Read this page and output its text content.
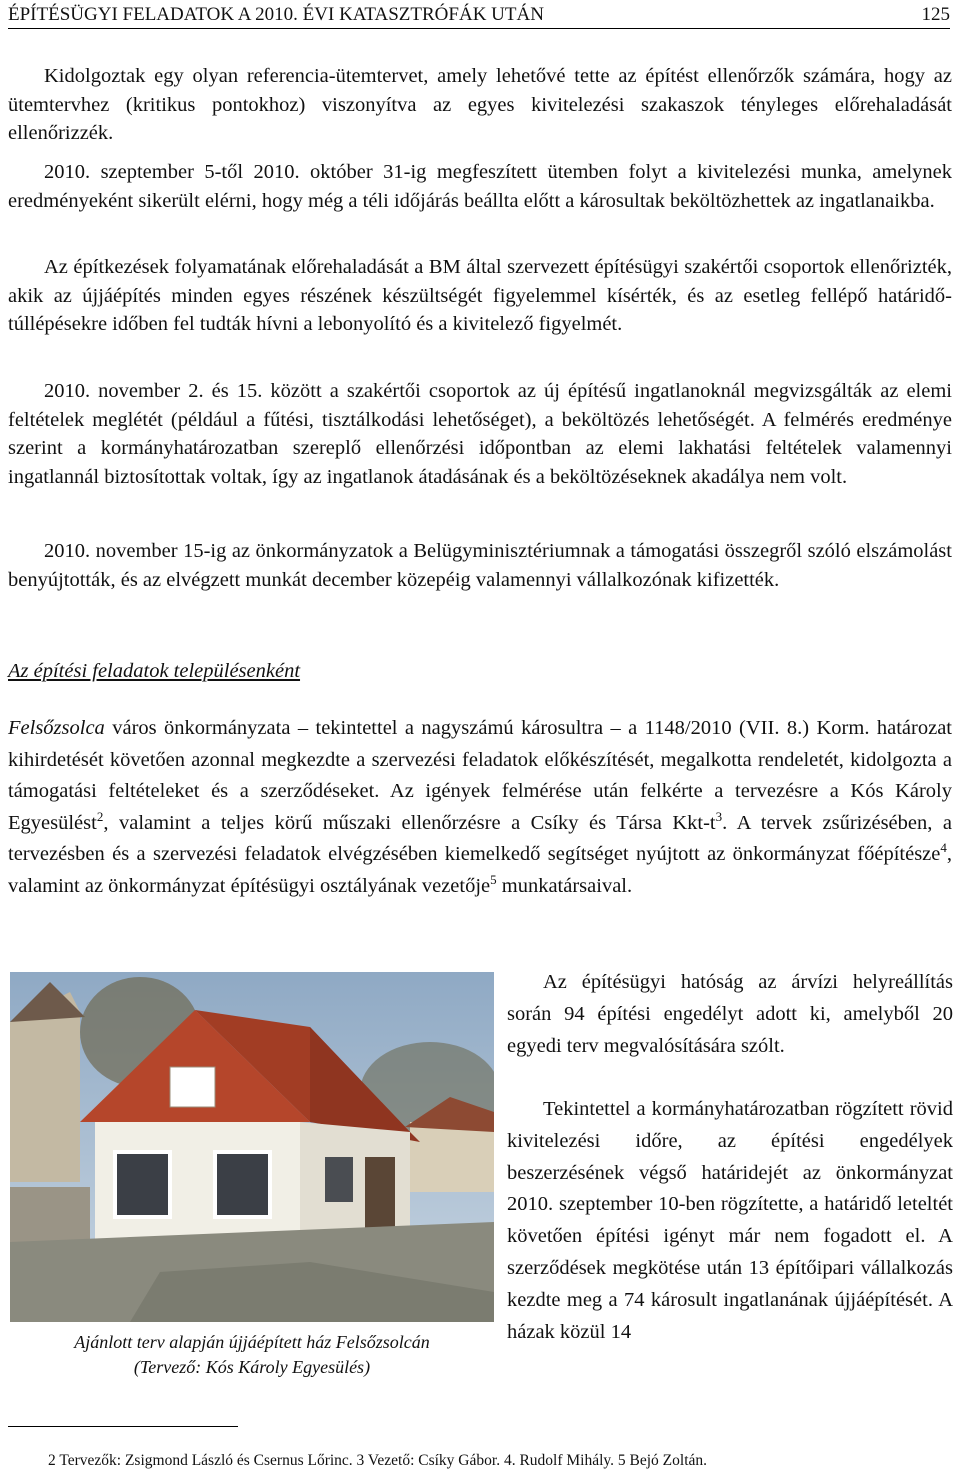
ÉPÍTÉSÜGYI FELADATOK A 2010. ÉVI KATASZTRÓFÁK UTÁN	125

Kidolgoztak egy olyan referencia-ütemtervet, amely lehetővé tette az építést ellenőrzők számára, hogy az ütemtervhez (kritikus pontokhoz) viszonyítva az egyes kivitelezési szakaszok tényleges előrehaladását ellenőrizzék.

2010. szeptember 5-től 2010. október 31-ig megfeszített ütemben folyt a kivitelezési munka, amelynek eredményeként sikerült elérni, hogy még a téli időjárás beállta előtt a károsultak beköltözhettek az ingatlanaikba.

Az építkezések folyamatának előrehaladását a BM által szervezett építésügyi szakértői csoportok ellenőrizték, akik az újjáépítés minden egyes részének készültségét figyelemmel kísérték, és az esetleg fellépő határidő-túllépésekre időben fel tudták hívni a lebonyolító és a kivitelező figyelmét.

2010. november 2. és 15. között a szakértői csoportok az új építésű ingatlanoknál megvizsgálták az elemi feltételek meglétét (például a fűtési, tisztálkodási lehetőséget), a beköltözés lehetőségét. A felmérés eredménye szerint a kormányhatározatban szereplő ellenőrzési időpontban az elemi lakhatási feltételek valamennyi ingatlannál biztosítottak voltak, így az ingatlanok átadásának és a beköltözéseknek akadálya nem volt.

2010. november 15-ig az önkormányzatok a Belügyminisztériumnak a támogatási összegről szóló elszámolást benyújtották, és az elvégzett munkát december közepéig valamennyi vállalkozónak kifizették.

Az építési feladatok településenként

Felsőzsolca város önkormányzata – tekintettel a nagyszámú károsultra – a 1148/2010 (VII. 8.) Korm. határozat kihirdetését követően azonnal megkezdte a szervezési feladatok előkészítését, megalkotta rendeletét, kidolgozta a támogatási feltételeket és a szerződéseket. Az igények felmérése után felkérte a tervezésre a Kós Károly Egyesülést$^2$, valamint a teljes körű műszaki ellenőrzésre a Csíky és Társa Kkt-$t^3$. A tervek zsűrizésében, a tervezésben és a szervezési feladatok elvégzésében kiemelkedő segítséget nyújtott az önkormányzat főépítésze$^4$, valamint az önkormányzat építésügyi osztályának vezetője$^5$ munkatársaival.

Ajánlott terv alapján újjáépített ház Felsőzsolcán
(Tervező: Kós Károly Egyesülés)

Az építésügyi hatóság az árvízi helyreállítás során 94 építési engedélyt adott ki, amelyből 20 egyedi terv megvalósítására szólt.

Tekintettel a kormányhatározatban rögzített rövid kivitelezési időre, az építési engedélyek beszerzésének végső határidejét az önkormányzat 2010. szeptember 10-ben rögzítette, a határidő leteltét követően építési igényt már nem fogadott el. A szerződések megkötése után 13 építőipari vállalkozás kezdte meg a 74 károsult ingatlanának újjáépítését. A házak közül 14

2 Tervezők: Zsigmond László és Csernus Lőrinc. 3 Vezető: Csíky Gábor. 4. Rudolf Mihály. 5 Bejó Zoltán.
